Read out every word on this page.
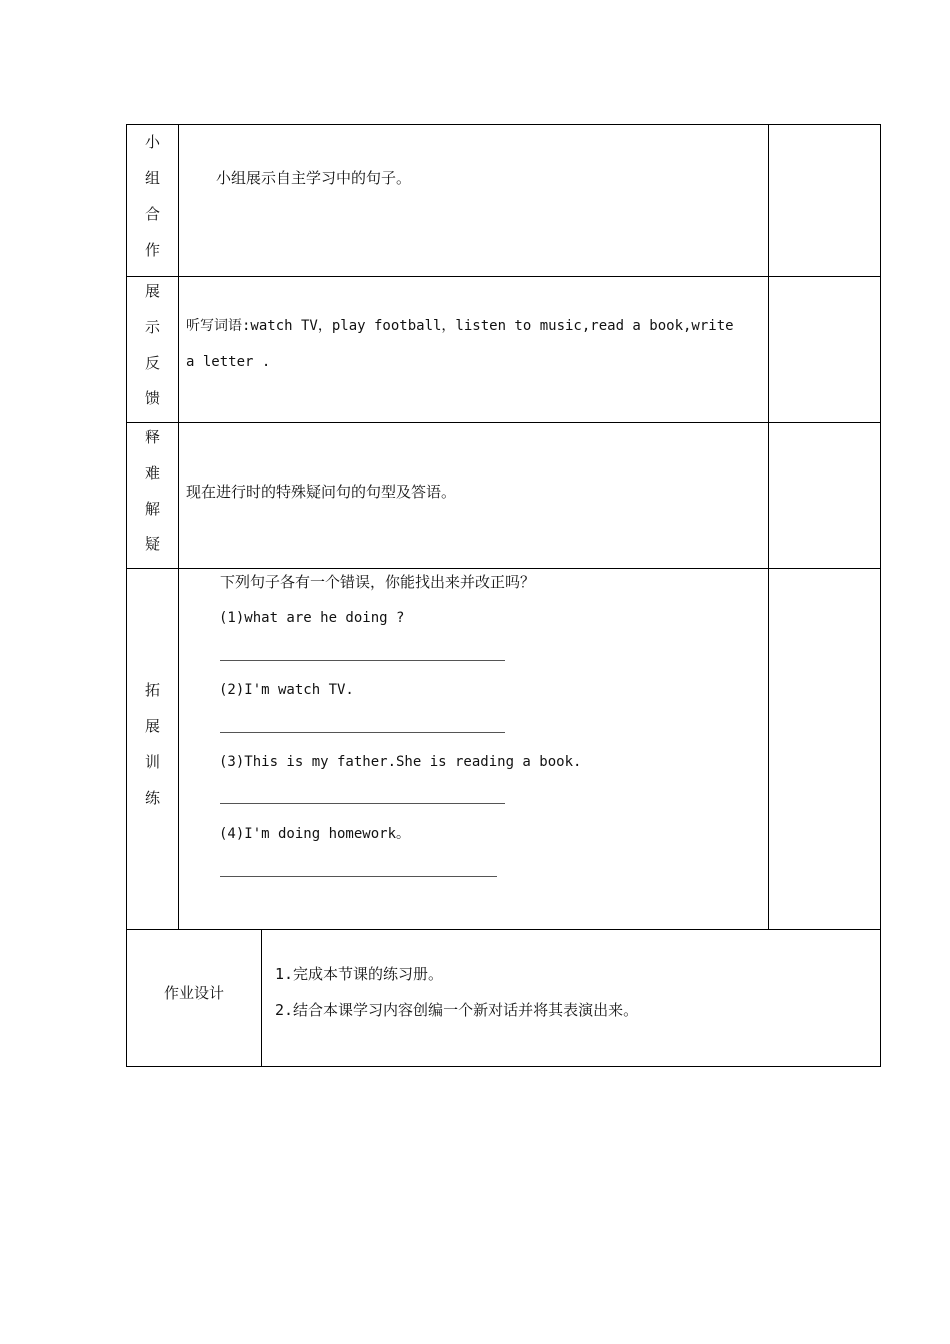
小
组
合
作
小组展示自主学习中的句子。
展
示
反
馈
听写词语:watch TV，play football，listen to music,read a book,write
a letter .
释
难
解
疑
现在进行时的特殊疑问句的句型及答语。
拓
展
训
练
下列句子各有一个错误，你能找出来并改正吗？
(1)what are he doing ?
(2)I'm watch TV.
(3)This is my father.She is reading a book.
(4)I'm doing homework。
作业设计
1.完成本节课的练习册。
2.结合本课学习内容创编一个新对话并将其表演出来。
